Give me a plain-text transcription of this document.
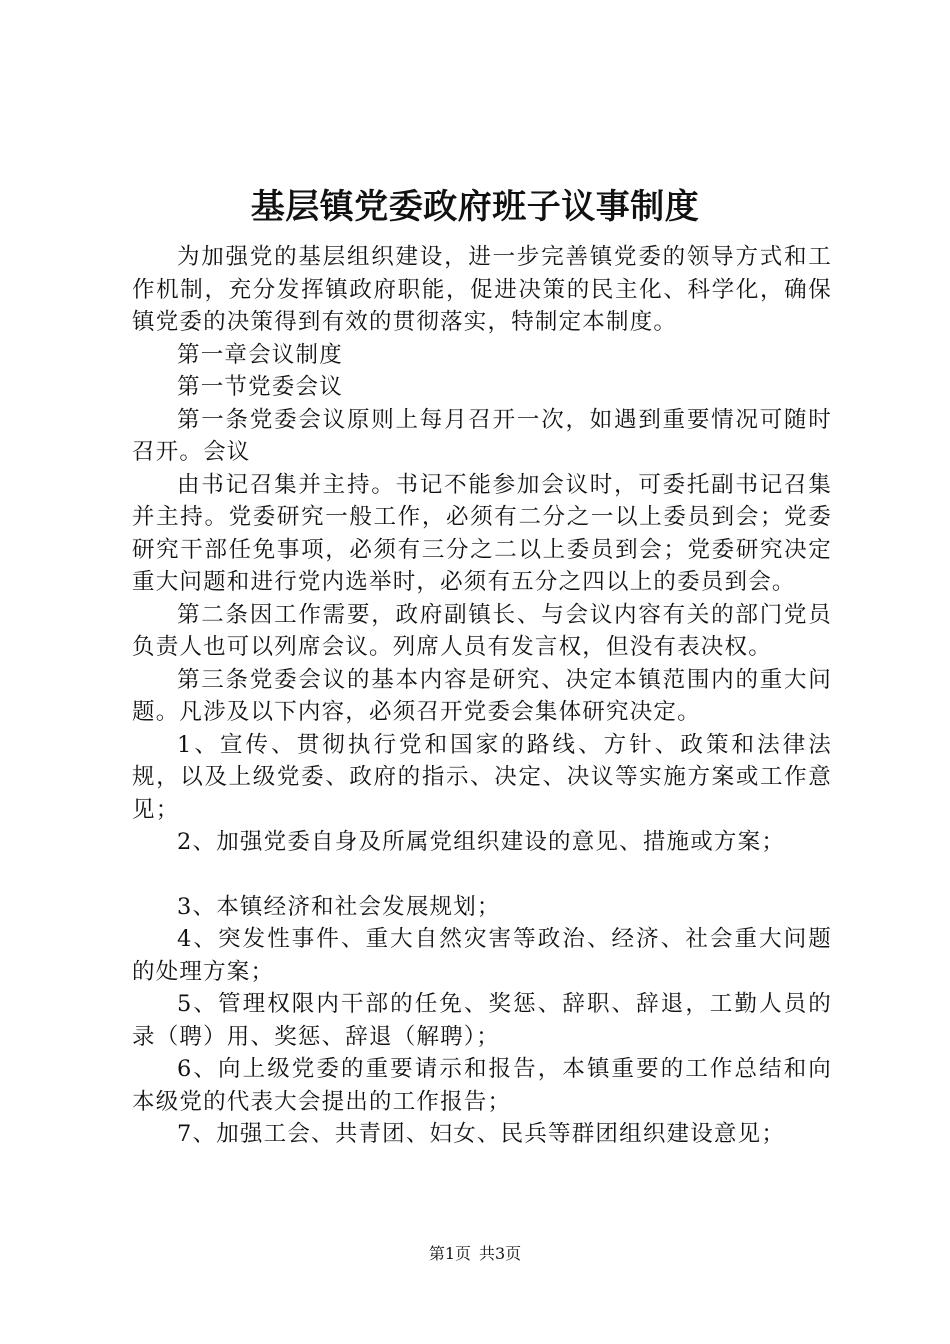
基层镇党委政府班子议事制度

为加强党的基层组织建设，进一步完善镇党委的领导方式和工作机制，充分发挥镇政府职能，促进决策的民主化、科学化，确保镇党委的决策得到有效的贯彻落实，特制定本制度。

第一章会议制度

第一节党委会议

第一条党委会议原则上每月召开一次，如遇到重要情况可随时召开。会议

由书记召集并主持。书记不能参加会议时，可委托副书记召集并主持。党委研究一般工作，必须有二分之一以上委员到会；党委研究干部任免事项，必须有三分之二以上委员到会；党委研究决定重大问题和进行党内选举时，必须有五分之四以上的委员到会。

第二条因工作需要，政府副镇长、与会议内容有关的部门党员负责人也可以列席会议。列席人员有发言权，但没有表决权。

第三条党委会议的基本内容是研究、决定本镇范围内的重大问题。凡涉及以下内容，必须召开党委会集体研究决定。

1、宣传、贯彻执行党和国家的路线、方针、政策和法律法规，以及上级党委、政府的指示、决定、决议等实施方案或工作意见；

2、加强党委自身及所属党组织建设的意见、措施或方案；

3、本镇经济和社会发展规划；

4、突发性事件、重大自然灾害等政治、经济、社会重大问题的处理方案；

5、管理权限内干部的任免、奖惩、辞职、辞退，工勤人员的录（聘）用、奖惩、辞退（解聘）；

6、向上级党委的重要请示和报告，本镇重要的工作总结和向本级党的代表大会提出的工作报告；

7、加强工会、共青团、妇女、民兵等群团组织建设意见；

第1页 共3页
